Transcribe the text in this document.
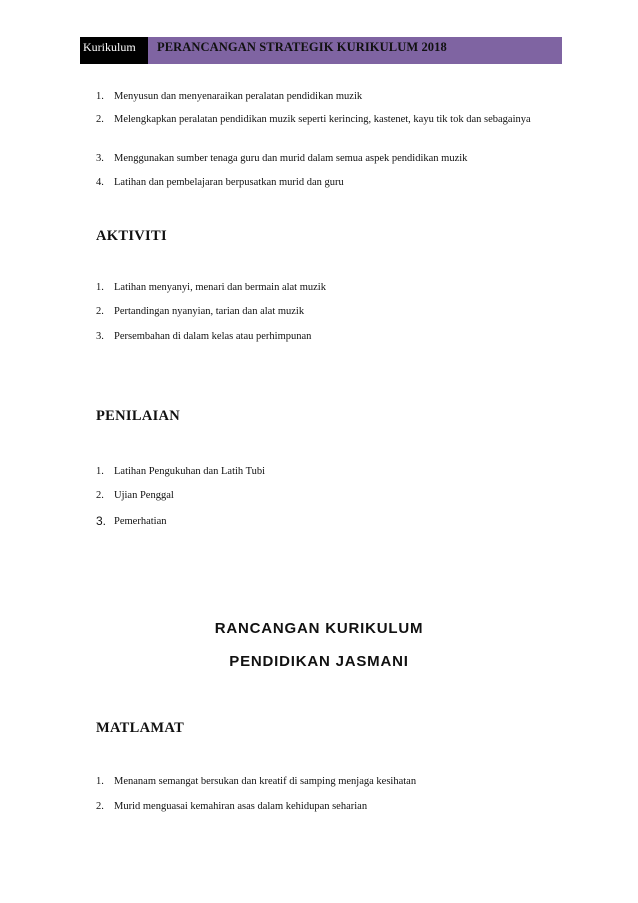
Kurikulum	PERANCANGAN STRATEGIK KURIKULUM 2018
1. Menyusun dan menyenaraikan peralatan pendidikan muzik
2. Melengkapkan peralatan pendidikan muzik seperti kerincing, kastenet, kayu tik tok dan sebagainya
3. Menggunakan sumber tenaga guru dan murid dalam semua aspek pendidikan muzik
4. Latihan dan pembelajaran berpusatkan murid dan guru
AKTIVITI
1. Latihan menyanyi, menari dan bermain alat muzik
2. Pertandingan nyanyian, tarian dan alat muzik
3. Persembahan di dalam kelas atau perhimpunan
PENILAIAN
1. Latihan Pengukuhan dan Latih Tubi
2. Ujian Penggal
3. Pemerhatian
RANCANGAN KURIKULUM
PENDIDIKAN JASMANI
MATLAMAT
1. Menanam semangat bersukan dan kreatif di samping menjaga kesihatan
2. Murid menguasai kemahiran asas dalam kehidupan seharian
